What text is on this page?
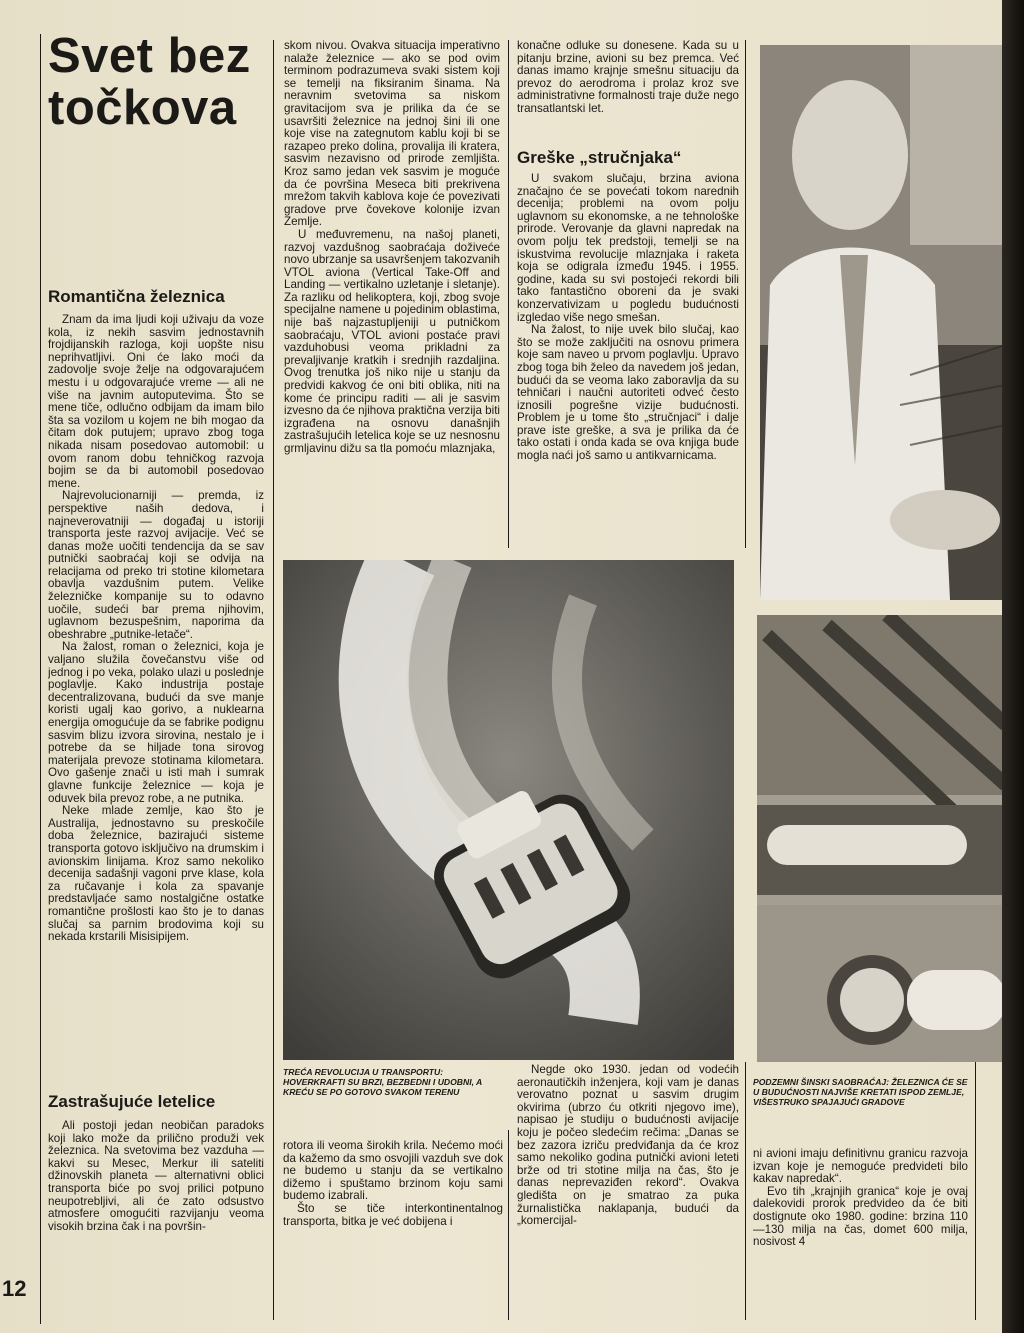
Svet bez
točkova
Romantična železnica

Znam da ima ljudi koji uživaju da voze kola, iz nekih sasvim jednostavnih frojdijanskih razloga, koji uopšte nisu neprihvatljivi. Oni će lako moći da zadovolje svoje želje na odgovarajućem mestu i u odgovarajuće vreme — ali ne više na javnim autoputevima. Što se mene tiče, odlučno odbijam da imam bilo šta sa vozilom u kojem ne bih mogao da čitam dok putujem; upravo zbog toga nikada nisam posedovao automobil: u ovom ranom dobu tehničkog razvoja bojim se da bi automobil posedovao mene.

Najrevolucionarniji — premda, iz perspektive naših dedova, i najneverovatniji — događaj u istoriji transporta jeste razvoj avijacije. Već se danas može uočiti tendencija da se sav putnički saobraćaj koji se odvija na relacijama od preko tri stotine kilometara obavlja vazdušnim putem. Velike železničke kompanije su to odavno uočile, sudeći bar prema njihovim, uglavnom bezuspešnim, naporima da obeshrabre „putnike-letače“.

Na žalost, roman o železnici, koja je valjano služila čovečanstvu više od jednog i po veka, polako ulazi u poslednje poglavlje. Kako industrija postaje decentralizovana, budući da sve manje koristi ugalj kao gorivo, a nuklearna energija omogućuje da se fabrike podignu sasvim blizu izvora sirovina, nestalo je i potrebe da se hiljade tona sirovog materijala prevoze stotinama kilometara. Ovo gašenje znači u isti mah i sumrak glavne funkcije železnice — koja je oduvek bila prevoz robe, a ne putnika.

Neke mlade zemlje, kao što je Australija, jednostavno su preskočile doba železnice, bazirajući sisteme transporta gotovo isključivo na drumskim i avionskim linijama. Kroz samo nekoliko decenija sadašnji vagoni prve klase, kola za ručavanje i kola za spavanje predstavljaće samo nostalgične ostatke romantične prošlosti kao što je to danas slučaj sa parnim brodovima koji su nekada krstarili Misisipijem.

Zastrašujuće letelice

Ali postoji jedan neobičan paradoks koji lako može da prilično produži vek železnica. Na svetovima bez vazduha — kakvi su Mesec, Merkur ili sateliti džinovskih planeta — alternativni oblici transporta biće po svoj prilici potpuno neupotrebljivi, ali će zato odsustvo atmosfere omogućiti razvijanju veoma visokih brzina čak i na površin-

skom nivou. Ovakva situacija imperativno nalaže železnice — ako se pod ovim terminom podrazumeva svaki sistem koji se temelji na fiksiranim šinama. Na neravnim svetovima sa niskom gravitacijom sva je prilika da će se usavršiti železnice na jednoj šini ili one koje vise na zategnutom kablu koji bi se razapeo preko dolina, provalija ili kratera, sasvim nezavisno od prirode zemljišta. Kroz samo jedan vek sasvim je moguće da će površina Meseca biti prekrivena mrežom takvih kablova koje će povezivati gradove prve čovekove kolonije izvan Zemlje.

U međuvremenu, na našoj planeti, razvoj vazdušnog saobraćaja doživeće novo ubrzanje sa usavršenjem takozvanih VTOL aviona (Vertical Take-Off and Landing — vertikalno uzletanje i sletanje). Za razliku od helikoptera, koji, zbog svoje specijalne namene u pojedinim oblastima, nije baš najzastupljeniji u putničkom saobraćaju, VTOL avioni postaće pravi vazduhobusi veoma prikladni za prevaljivanje kratkih i srednjih razdaljina. Ovog trenutka još niko nije u stanju da predvidi kakvog će oni biti oblika, niti na kome će principu raditi — ali je sasvim izvesno da će njihova praktična verzija biti izgrađena na osnovu današnjih zastrašujućih letelica koje se uz nesnosnu grmljavinu dižu sa tla pomoću mlaznjaka,

konačne odluke su donesene. Kada su u pitanju brzine, avioni su bez premca. Već danas imamo krajnje smešnu situaciju da prevoz do aerodroma i prolaz kroz sve administrativne formalnosti traje duže nego transatlantski let.

Greške „stručnjaka“

U svakom slučaju, brzina aviona značajno će se povećati tokom narednih decenija; problemi na ovom polju uglavnom su ekonomske, a ne tehnološke prirode. Verovanje da glavni napredak na ovom polju tek predstoji, temelji se na iskustvima revolucije mlaznjaka i raketa koja se odigrala između 1945. i 1955. godine, kada su svi postojeći rekordi bili tako fantastično oboreni da je svaki konzervativizam u pogledu budućnosti izgledao više nego smešan.

Na žalost, to nije uvek bilo slučaj, kao što se može zaključiti na osnovu primera koje sam naveo u prvom poglavlju. Upravo zbog toga bih želeo da navedem još jedan, budući da se veoma lako zaboravlja da su tehničari i naučni autoriteti odveć često iznosili pogrešne vizije budućnosti. Problem je u tome što „stručnjaci“ i dalje prave iste greške, a sva je prilika da će tako ostati i onda kada se ova knjiga bude mogla naći još samo u antikvarnicama.

TREĆA REVOLUCIJA U TRANSPORTU: HOVERKRAFTI SU BRZI, BEZBEDNI I UDOBNI, A KREĆU SE PO GOTOVO SVAKOM TERENU
PODZEMNI ŠINSKI SAOBRAĆAJ: ŽELEZNICA ĆE SE U BUDUĆNOSTI NAJVIŠE KRETATI ISPOD ZEMLJE, VIŠESTRUKO SPAJAJUĆI GRADOVE

rotora ili veoma širokih krila. Nećemo moći da kažemo da smo osvojili vazduh sve dok ne budemo u stanju da se vertikalno dižemo i spuštamo brzinom koju sami budemo izabrali.

Što se tiče interkontinentalnog transporta, bitka je već dobijena i

Negde oko 1930. jedan od vodećih aeronautičkih inženjera, koji vam je danas verovatno poznat u sasvim drugim okvirima (ubrzo ću otkriti njegovo ime), napisao je studiju o budućnosti avijacije koju je počeo sledećim rečima: „Danas se bez zazora izriču predviđanja da će kroz samo nekoliko godina putnički avioni leteti brže od tri stotine milja na čas, što je danas neprevaziđen rekord“. Ovakva gledišta on je smatrao za puka žurnalistička naklapanja, budući da „komercijal-

ni avioni imaju definitivnu granicu razvoja izvan koje je nemoguće predvideti bilo kakav napredak“.

Evo tih „krajnjih granica“ koje je ovaj dalekovidi prorok predvideo da će biti dostignute oko 1980. godine: brzina 110—130 milja na čas, domet 600 milja, nosivost 4

12
